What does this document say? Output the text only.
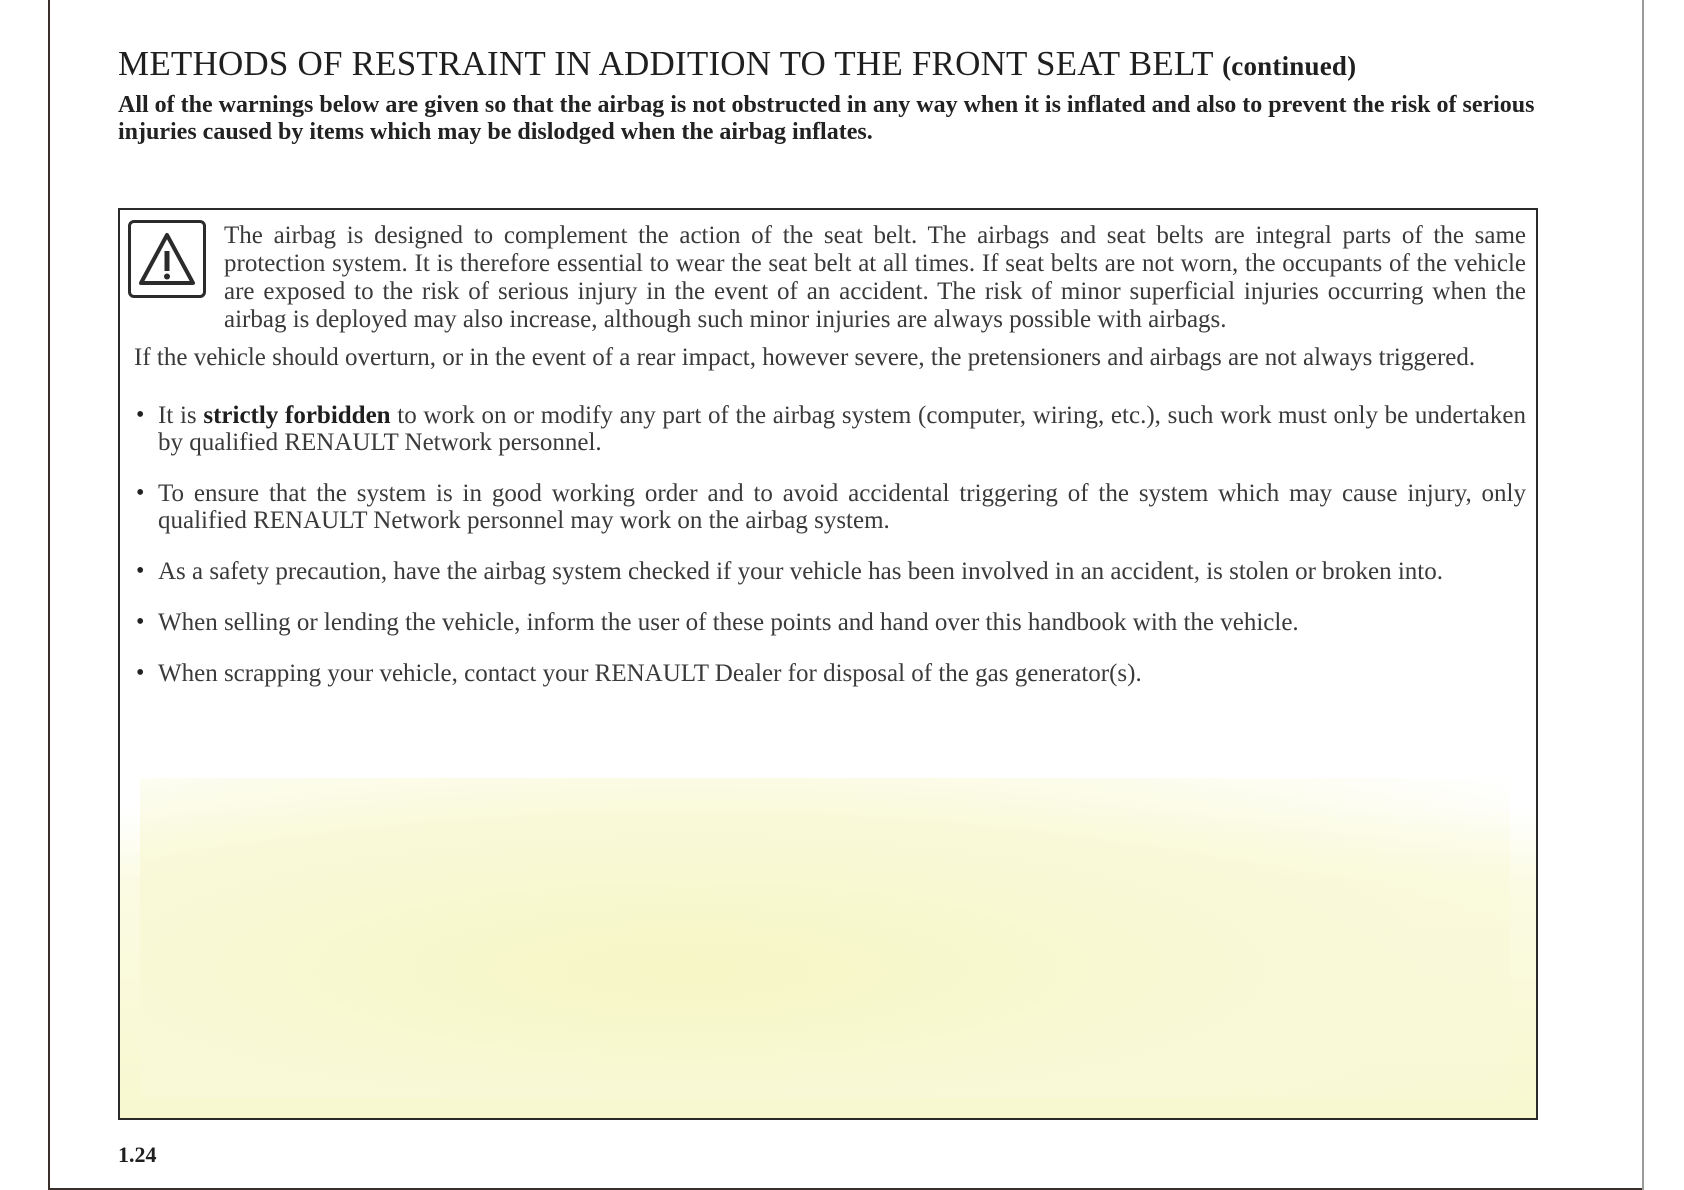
METHODS OF RESTRAINT IN ADDITION TO THE FRONT SEAT BELT (continued)

All of the warnings below are given so that the airbag is not obstructed in any way when it is inflated and also to prevent the risk of serious injuries caused by items which may be dislodged when the airbag inflates.

The airbag is designed to complement the action of the seat belt. The airbags and seat belts are integral parts of the same protection system. It is therefore essential to wear the seat belt at all times. If seat belts are not worn, the occupants of the vehicle are exposed to the risk of serious injury in the event of an accident. The risk of minor superficial injuries occurring when the airbag is deployed may also increase, although such minor injuries are always possible with airbags.

If the vehicle should overturn, or in the event of a rear impact, however severe, the pretensioners and airbags are not always triggered.

• It is strictly forbidden to work on or modify any part of the airbag system (computer, wiring, etc.), such work must only be undertaken by qualified RENAULT Network personnel.
• To ensure that the system is in good working order and to avoid accidental triggering of the system which may cause injury, only qualified RENAULT Network personnel may work on the airbag system.
• As a safety precaution, have the airbag system checked if your vehicle has been involved in an accident, is stolen or broken into.
• When selling or lending the vehicle, inform the user of these points and hand over this handbook with the vehicle.
• When scrapping your vehicle, contact your RENAULT Dealer for disposal of the gas generator(s).
1.24
